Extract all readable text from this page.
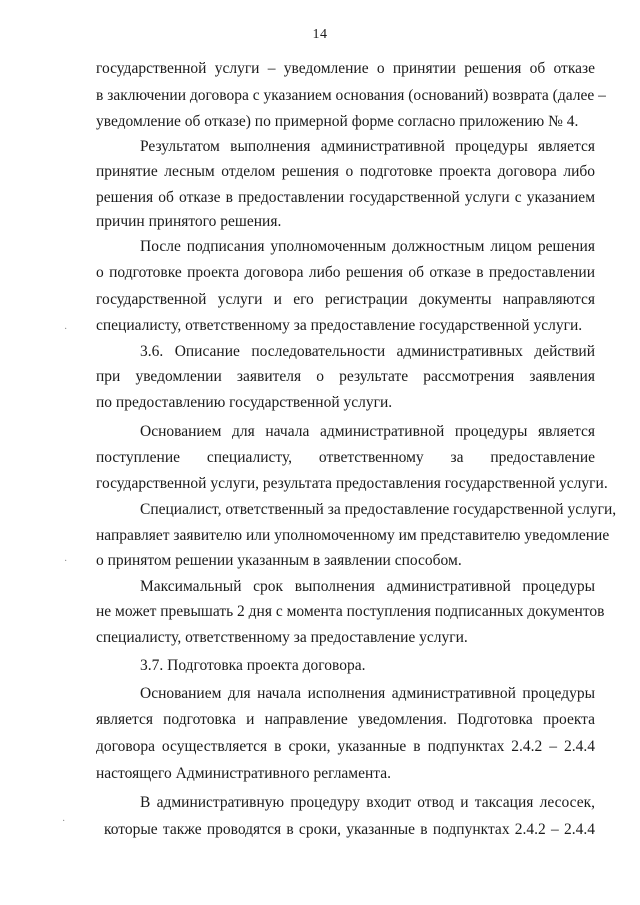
14
государственной услуги – уведомление о принятии решения об отказе
в заключении договора с указанием основания (оснований) возврата (далее –
уведомление об отказе) по примерной форме согласно приложению № 4.
Результатом выполнения административной процедуры является
принятие лесным отделом решения о подготовке проекта договора либо
решения об отказе в предоставлении государственной услуги с указанием
причин принятого решения.
После подписания уполномоченным должностным лицом решения
о подготовке проекта договора либо решения об отказе в предоставлении
государственной услуги и его регистрации документы направляются
специалисту, ответственному за предоставление государственной услуги.
3.6. Описание последовательности административных действий
при уведомлении заявителя о результате рассмотрения заявления
по предоставлению государственной услуги.
Основанием для начала административной процедуры является
поступление специалисту, ответственному за предоставление
государственной услуги, результата предоставления государственной услуги.
Специалист, ответственный за предоставление государственной услуги,
направляет заявителю или уполномоченному им представителю уведомление
о принятом решении указанным в заявлении способом.
Максимальный срок выполнения административной процедуры
не может превышать 2 дня с момента поступления подписанных документов
специалисту, ответственному за предоставление услуги.
3.7. Подготовка проекта договора.
Основанием для начала исполнения административной процедуры
является подготовка и направление уведомления. Подготовка проекта
договора осуществляется в сроки, указанные в подпунктах 2.4.2 – 2.4.4
настоящего Административного регламента.
В административную процедуру входит отвод и таксация лесосек,
которые также проводятся в сроки, указанные в подпунктах 2.4.2 – 2.4.4
·
·
·
